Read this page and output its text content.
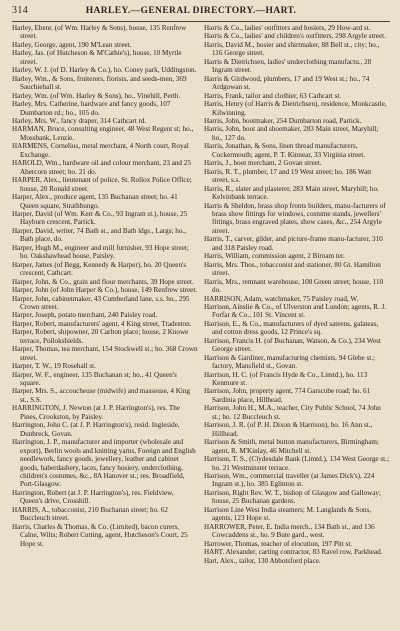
314	HARLEY.—GENERAL DIRECTORY.—HART.

Harley, Ebenr. (of Wm. Harley & Sons), house, 135 Renfrew street.

Harley, George, agent, 190 M'Lean street.

Harley, Jas. (of Hutcheson & M'Cathie's), house, 10 Myrtle street.

Harley, W. J. (of D. Harley & Co.), ho. Coney park, Uddingston.

Harley, Wm., & Sons, fruiterers, florists, and seeds-men, 369 Sauchiehall st.

Harley, Wm. (of Wm. Harley & Sons), ho., Vinehill, Perth.

Harley, Mrs. Catherine, hardware and fancy goods, 107 Dumbarton rd.; ho., 105 do.

Harley, Mrs. W., fancy draper, 314 Cathcart rd.

HARMAN, Bruce, consulting engineer, 48 West Regent st; ho., Mossbank, Lenzie.

HARMENS, Cornelius, metal merchant, 4 North court, Royal Exchange.

HAROLD, Wm., hardware oil and colour merchant, 23 and 25 Abercorn street; ho. 21 do.

HARPER, Alex., lieutenant of police, St. Rollox Police Office; house, 20 Ronald street.

Harper, Alex., produce agent, 135 Buchanan street; ho. 41 Queen square, Strathbungo.

Harper, David (of Wm. Kerr & Co., 93 Ingram st.), house, 25 Hayburn crescent, Partick.

Harper, David, writer, 74 Bath st., and Bath ldgs., Largs; ho., Bath place, do.

Harper, Hugh M., engineer and mill furnisher, 93 Hope street; ho. Oakshawhead house, Paisley.

Harper, James (of Begg, Kennedy & Harper), ho. 20 Queen's crescent, Cathcart.

Harper, John, & Co., grain and flour merchants, 39 Hope street.

Harper, John (of John Harper & Co.), house, 149 Renfrew street.

Harper, John, cabinetmaker, 43 Cumberland lane, s.s. ho., 295 Crown street.

Harper, Joseph, potato merchant, 240 Paisley road.

Harper, Robert, manufacturers' agent, 4 King street, Tradeston.

Harper, Robert, shipowner, 20 Carlton place; house, 2 Knowe terrace, Pollokshields.

Harper, Thomas, tea merchant, 154 Stockwell st.; ho. 368 Crown street.

Harper, T. W., 19 Rosehall st.

Harper, W. F., engineer, 135 Buchanan st; ho., 41 Queen's square.

Harper, Mrs. S., accoucheuse (midwife) and masseuse, 4 King st., S.S.

HARRINGTON, J. Newton (at J. P. Harrington's), res. The Pines, Crookston, by Paisley.

Harrington, John C. (at J. P. Harrington's), resid. Ingleside, Dunbreck, Govan.

Harrington, J. P., manufacturer and importer (wholesale and export), Berlin wools and knitting yarns, Foreign and English needlework, fancy goods, jewellery, leather and cabinet goods, haberdashery, laces, fancy hosiery, underclothing, children's costumes, &c., 8A Hanover st.; res. Broadfield, Port-Glasgow.

Harrington, Robert (at J. P. Harrington's), res. Fieldview, Queen's drive, Crosshill.

HARRIS, A., tobacconist, 210 Buchanan street; ho. 62 Buccleuch street.

Harris, Charles & Thomas, & Co. (Limited), bacon curers, Calne, Wilts; Robert Cutting, agent, Hutcheson's Court, 25 Hope st.

Harris & Co., ladies' outfitters and hosiers, 29 How-ard st.

Harris & Co., ladies' and children's outfitters, 298 Argyle street.

Harris, David M., hosier and shirtmaker, 88 Bell st., city; ho., 116 George street.

Harris & Dietrichsen, ladies' underclothing manufactu., 28 Ingram street.

Harris & Girdwood, plumbers, 17 and 19 West st.; ho., 74 Ardgowan st.

Harris, Frank, tailor and clothier, 63 Cathcart st.

Harris, Henry (of Harris & Dietrichsen), residence, Monkcastle, Kilwinning.

Harris, John, bootmaker, 254 Dumbarton road, Partick.

Harris, John, boot and shoemaker, 283 Main street, Maryhill; ho., 127 do.

Harris, Jonathan, & Sons, linen thread manufacturers, Cockermouth; agent, P. T. Kinnear, 33 Virginia street.

Harris, J., boot merchant, 2 Govan street.

Harris, R. T., plumber, 17 and 19 West street; ho. 186 Watt street, s.s.

Harris, R., slater and plasterer, 283 Main street, Maryhill; ho. Kelvinbank terrace.

Harris & Sheldon, brass shop fronts builders, manu-facturers of brass show fittings for windows, costume stands, jewellers' fittings, brass engraved plates, show cases, &c., 254 Argyle street.

Harris, T., carver, gilder, and picture-frame manu-facturer, 310 and 318 Paisley road.

Harris, William, commission agent, 2 Birnam ter.

Harris, Mrs. Thos., tobacconist and stationer, 80 Gt. Hamilton street.

Harris, Mrs., remnant warehouse, 108 Green street; house, 110 do.

HARRISON, Adam, watchmaker, 75 Paisley road, W.

Harrison, Ainslie & Co., of Ulverston and London; agents, R. J. Forfar & Co., 101 St. Vincent st.

Harrison, E., & Co., manufacturers of dyed sateens, galateas, and cotton dress goods, 12 Prince's sq.

Harrison, Francis H. (of Buchanan, Watson, & Co.), 234 West George street.

Harrison & Gardiner, manufacturing chemists, 94 Glebe st.; factory, Mansfield st., Govan.

Harrison, H. C. (of Francis Hyde & Co., Limtd.), ho. 113 Kenmure st.

Harrison, John, property agent, 774 Garscube road; ho. 61 Sardinia place, Hillhead.

Harrison, John H., M.A., teacher, City Public School, 74 John st.; ho. 12 Buccleuch st.

Harrison, J. R. (of P. H. Dixon & Harrison), ho. 16 Ann st., Hillhead.

Harrison & Smith, metal button manufacturers, Birmingham; agent, R. M'Kinlay, 46 Mitchell st.

Harrison, T. S., (Clydesdale Bank (Limtd.), 134 West George st.; ho. 21 Westminster terrace.

Harrison, Wm., commercial traveller (at James Dick's), 224 Ingram st.), ho. 385 Eglinton st.

Harrison, Right Rev. W. T., bishop of Glasgow and Galloway; house, 25 Buchanan gardens.

Harrison Line West India steamers; M. Langlands & Sons, agents, 123 Hope st.

HARROWER, Peter, E. India merch., 134 Bath st., and 136 Cowcaddens st., ho. 9 Bute gard., west.

Harrower, Thomas, teacher of elocution, 197 Pitt st.

HART. Alexander, carting contractor, 83 Ravel row, Parkhead.

Hart, Alex., tailor, 130 Abbotsford place.
